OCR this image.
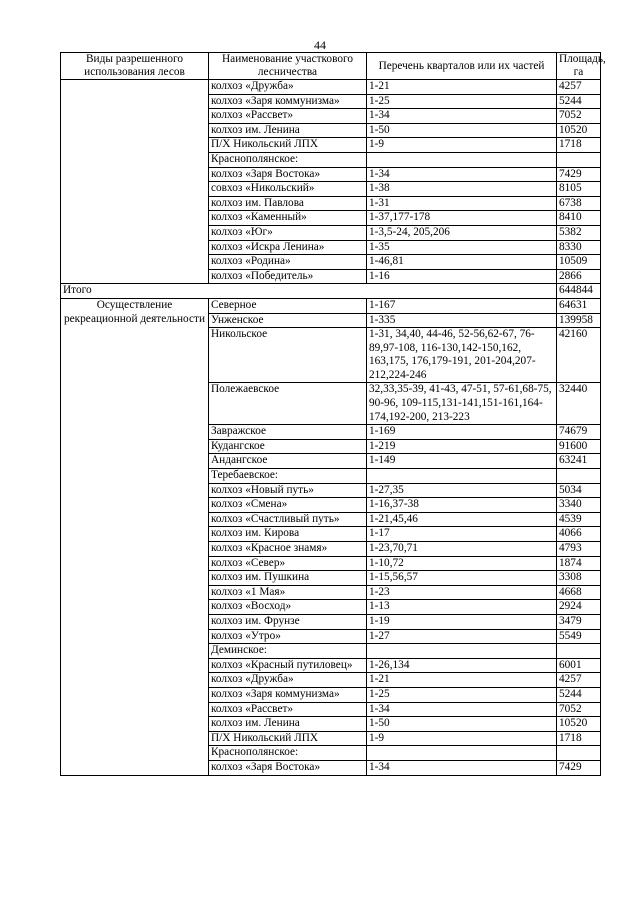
44
Виды разрешенного использования лесов	Наименование участкового лесничества	Перечень кварталов или их частей	Площадь, га
	колхоз «Дружба»	1-21	4257
	колхоз «Заря коммунизма»	1-25	5244
	колхоз «Рассвет»	1-34	7052
	колхоз им. Ленина	1-50	10520
	П/Х Никольский ЛПХ	1-9	1718
	Краснополянское:		
	колхоз «Заря Востока»	1-34	7429
	совхоз «Никольский»	1-38	8105
	колхоз им. Павлова	1-31	6738
	колхоз «Каменный»	1-37,177-178	8410
	колхоз «Юг»	1-3,5-24, 205,206	5382
	колхоз «Искра Ленина»	1-35	8330
	колхоз «Родина»	1-46,81	10509
	колхоз «Победитель»	1-16	2866
Итого			644844
Осуществление рекреационной деятельности	Северное	1-167	64631
	Унженское	1-335	139958
	Никольское	1-31, 34,40, 44-46, 52-56,62-67, 76-89,97-108, 116-130,142-150,162, 163,175, 176,179-191, 201-204,207-212,224-246	42160
	Полежаевское	32,33,35-39, 41-43, 47-51, 57-61,68-75, 90-96, 109-115,131-141,151-161,164-174,192-200, 213-223	32440
	Завражское	1-169	74679
	Кудангское	1-219	91600
	Андангское	1-149	63241
	Теребаевское:		
	колхоз «Новый путь»	1-27,35	5034
	колхоз «Смена»	1-16,37-38	3340
	колхоз «Счастливый путь»	1-21,45,46	4539
	колхоз им. Кирова	1-17	4066
	колхоз «Красное знамя»	1-23,70,71	4793
	колхоз «Север»	1-10,72	1874
	колхоз им. Пушкина	1-15,56,57	3308
	колхоз «1 Мая»	1-23	4668
	колхоз «Восход»	1-13	2924
	колхоз им. Фрунзе	1-19	3479
	колхоз «Утро»	1-27	5549
	Деминское:		
	колхоз «Красный путиловец»	1-26,134	6001
	колхоз «Дружба»	1-21	4257
	колхоз «Заря коммунизма»	1-25	5244
	колхоз «Рассвет»	1-34	7052
	колхоз им. Ленина	1-50	10520
	П/Х Никольский ЛПХ	1-9	1718
	Краснополянское:		
	колхоз «Заря Востока»	1-34	7429
